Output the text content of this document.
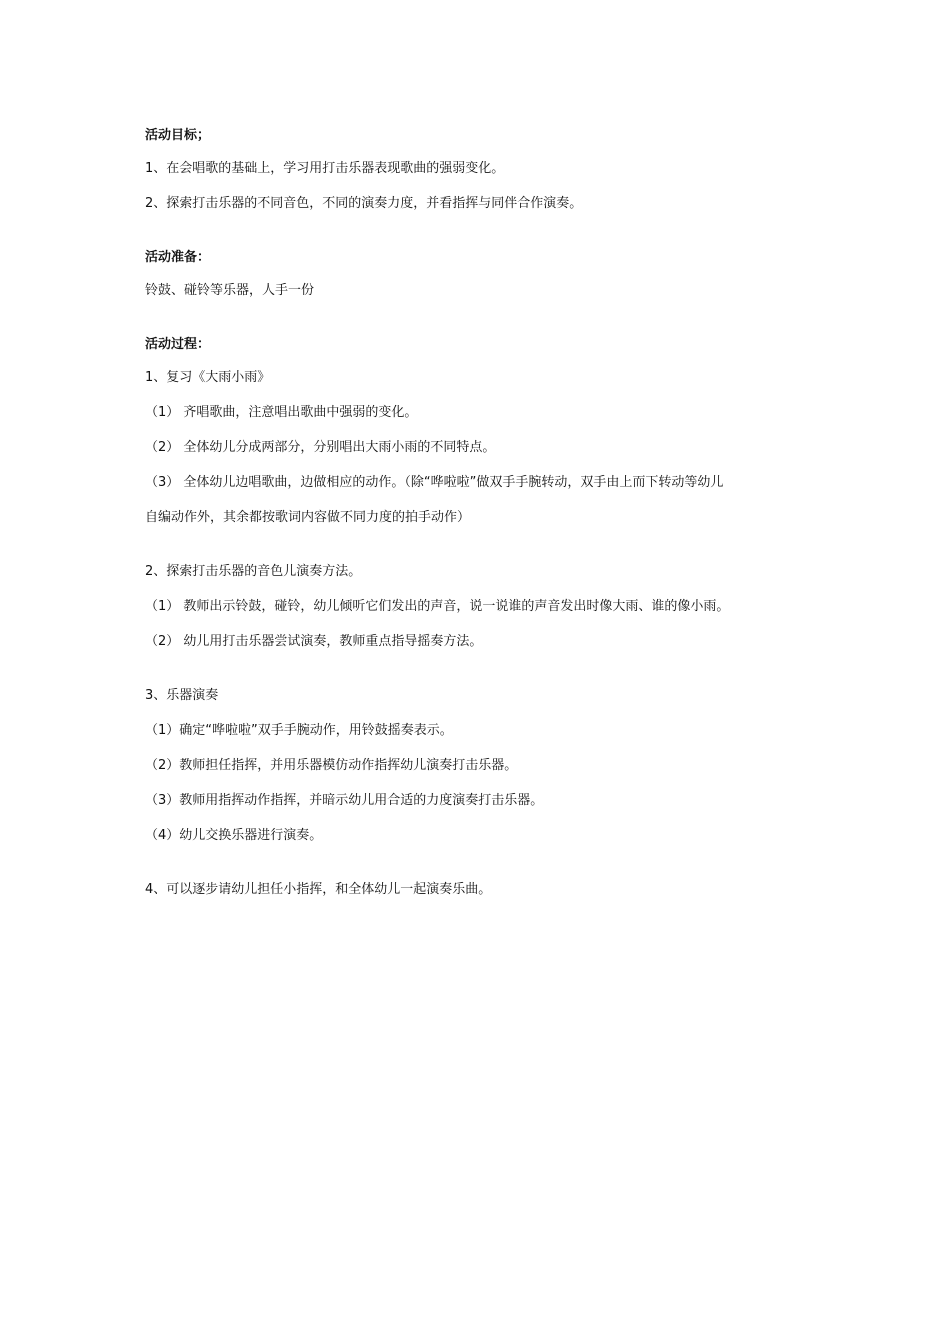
活动目标；
1、在会唱歌的基础上，学习用打击乐器表现歌曲的强弱变化。
2、探索打击乐器的不同音色，不同的演奏力度，并看指挥与同伴合作演奏。
活动准备：
铃鼓、碰铃等乐器，人手一份
活动过程：
1、复习《大雨小雨》
（1） 齐唱歌曲，注意唱出歌曲中强弱的变化。
（2） 全体幼儿分成两部分，分别唱出大雨小雨的不同特点。
（3） 全体幼儿边唱歌曲，边做相应的动作。（除“哗啦啦”做双手手腕转动，双手由上而下转动等幼儿
自编动作外，其余都按歌词内容做不同力度的拍手动作）
2、探索打击乐器的音色儿演奏方法。
（1） 教师出示铃鼓，碰铃，幼儿倾听它们发出的声音，说一说谁的声音发出时像大雨、谁的像小雨。
（2） 幼儿用打击乐器尝试演奏，教师重点指导摇奏方法。
3、乐器演奏
（1）确定“哗啦啦”双手手腕动作，用铃鼓摇奏表示。
（2）教师担任指挥，并用乐器模仿动作指挥幼儿演奏打击乐器。
（3）教师用指挥动作指挥，并暗示幼儿用合适的力度演奏打击乐器。
（4）幼儿交换乐器进行演奏。
4、可以逐步请幼儿担任小指挥，和全体幼儿一起演奏乐曲。
